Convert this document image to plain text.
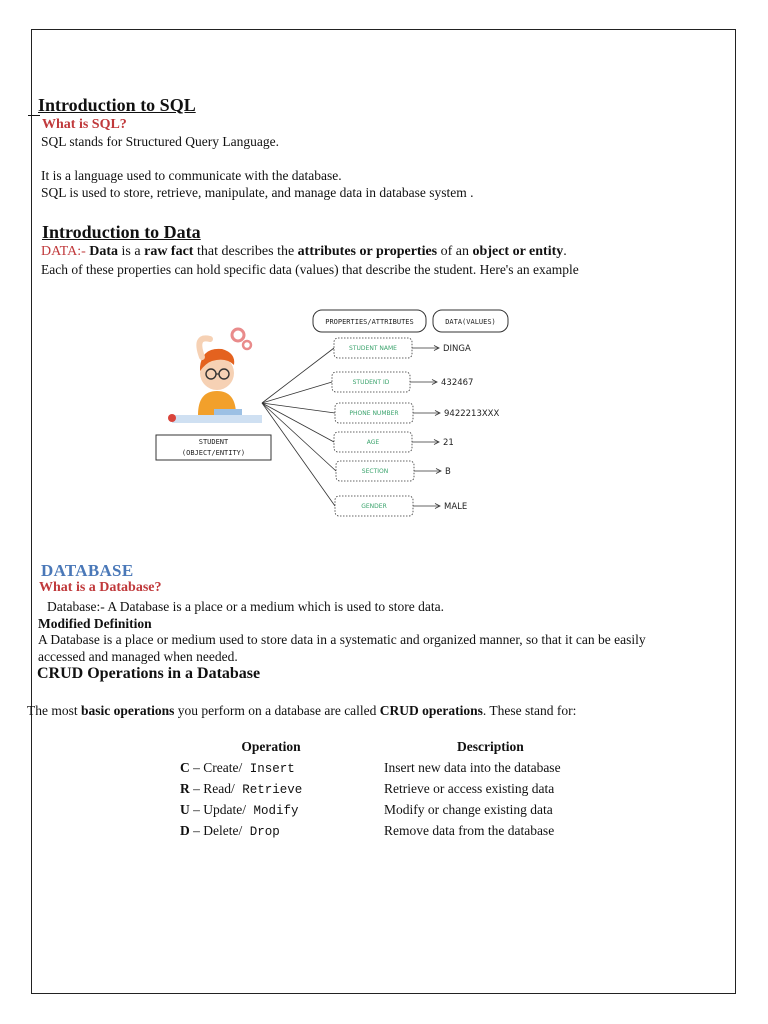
Introduction to SQL
What is SQL?
SQL stands for Structured Query Language.
It is a language used to communicate with the database.
SQL is used to store, retrieve, manipulate, and manage data in database system .
Introduction to Data
DATA:- Data is a raw fact that describes the attributes or properties of an object or entity.
Each of these properties can hold specific data (values) that describe the student. Here's an example
STUDENT
(OBJECT/ENTITY)
PROPERTIES/ATTRIBUTES	DATA(VALUES)
STUDENT NAME	DINGA
STUDENT ID	432467
PHONE NUMBER	9422213XXX
AGE	21
SECTION	B
GENDER	MALE
DATABASE
What is a Database?
Database:- A Database is a place or a medium which is used to store data.
Modified Definition
A Database is a place or medium used to store data in a systematic and organized manner, so that it can be easily
accessed and managed when needed.
CRUD Operations in a Database
The most basic operations you perform on a database are called CRUD operations. These stand for:
Operation	Description
C – Create/ Insert	Insert new data into the database
R – Read/ Retrieve	Retrieve or access existing data
U – Update/ Modify	Modify or change existing data
D – Delete/ Drop	Remove data from the database
